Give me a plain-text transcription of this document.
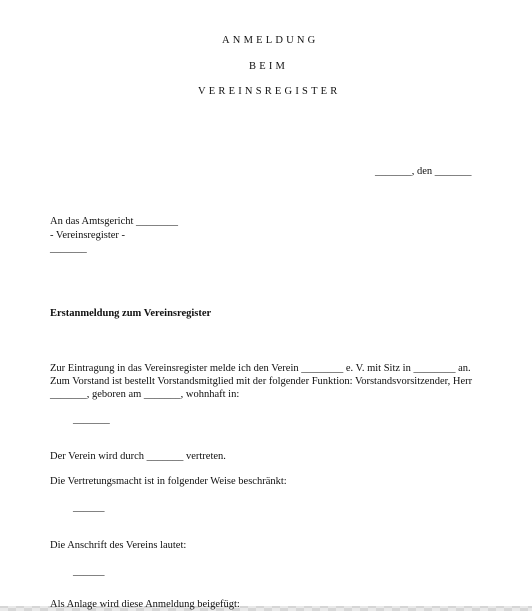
ANMELDUNG
BEIM
VEREINSREGISTER
_______, den _______
An das Amtsgericht ________
- Vereinsregister -
_______
Erstanmeldung zum Vereinsregister
Zur Eintragung in das Vereinsregister melde ich den Verein ________ e. V. mit Sitz in ________ an.
Zum Vorstand ist bestellt Vorstandsmitglied mit der folgender Funktion: Vorstandsvorsitzender, Herr
_______, geboren am _______, wohnhaft in:
_______
Der Verein wird durch _______ vertreten.
Die Vertretungsmacht ist in folgender Weise beschränkt:
______
Die Anschrift des Vereins lautet:
______
Als Anlage wird diese Anmeldung beigefügt:
